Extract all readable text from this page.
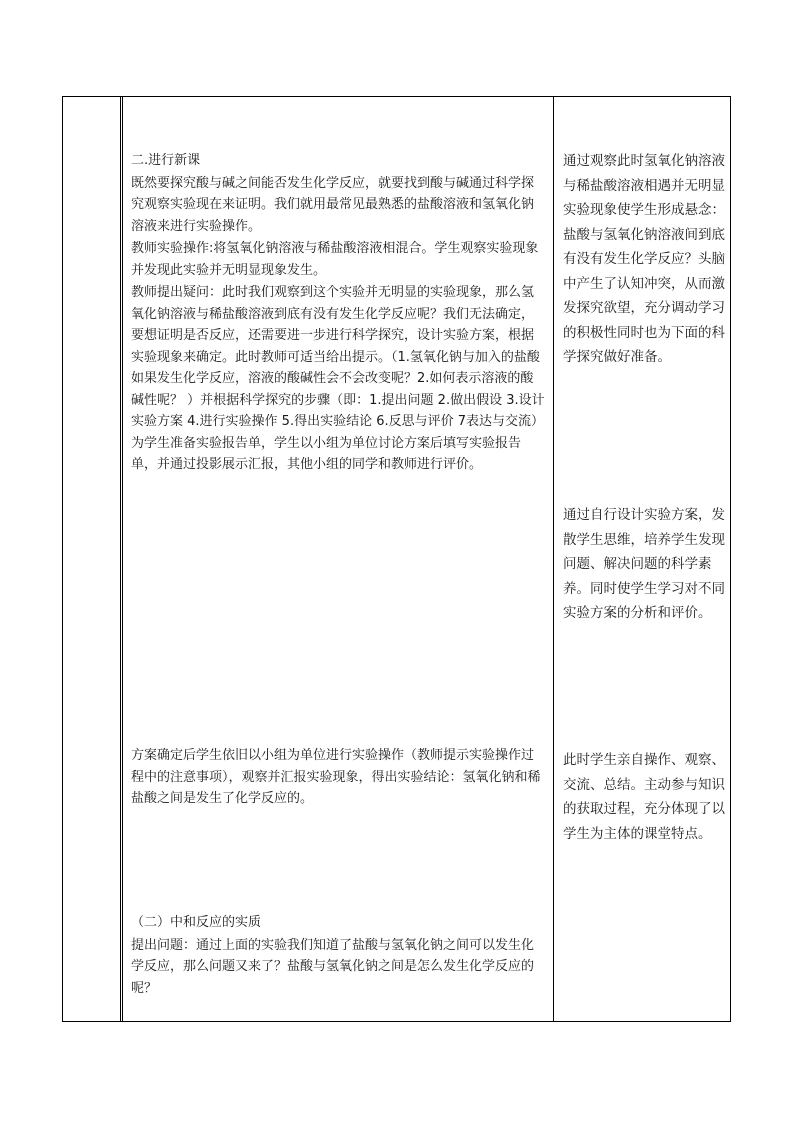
二.进行新课

既然要探究酸与碱之间能否发生化学反应，就要找到酸与碱通过科学探究观察实验现在来证明。我们就用最常见最熟悉的盐酸溶液和氢氧化钠溶液来进行实验操作。

教师实验操作:将氢氧化钠溶液与稀盐酸溶液相混合。学生观察实验现象并发现此实验并无明显现象发生。

教师提出疑问：此时我们观察到这个实验并无明显的实验现象，那么氢氧化钠溶液与稀盐酸溶液到底有没有发生化学反应呢？我们无法确定，要想证明是否反应，还需要进一步进行科学探究，设计实验方案，根据实验现象来确定。此时教师可适当给出提示。（1.氢氧化钠与加入的盐酸如果发生化学反应，溶液的酸碱性会不会改变呢？2.如何表示溶液的酸碱性呢？ ）并根据科学探究的步骤（即：1.提出问题 2.做出假设 3.设计实验方案 4.进行实验操作 5.得出实验结论 6.反思与评价 7表达与交流）为学生准备实验报告单，学生以小组为单位讨论方案后填写实验报告单，并通过投影展示汇报，其他小组的同学和教师进行评价。

方案确定后学生依旧以小组为单位进行实验操作（教师提示实验操作过程中的注意事项），观察并汇报实验现象，得出实验结论：氢氧化钠和稀盐酸之间是发生了化学反应的。

（二）中和反应的实质

提出问题：通过上面的实验我们知道了盐酸与氢氧化钠之间可以发生化学反应，那么问题又来了？盐酸与氢氧化钠之间是怎么发生化学反应的呢？

通过观察此时氢氧化钠溶液与稀盐酸溶液相遇并无明显实验现象使学生形成悬念：盐酸与氢氧化钠溶液间到底有没有发生化学反应？头脑中产生了认知冲突，从而激发探究欲望，充分调动学习的积极性同时也为下面的科学探究做好准备。

通过自行设计实验方案，发散学生思维，培养学生发现问题、解决问题的科学素养。同时使学生学习对不同实验方案的分析和评价。

此时学生亲自操作、观察、交流、总结。主动参与知识的获取过程，充分体现了以学生为主体的课堂特点。
